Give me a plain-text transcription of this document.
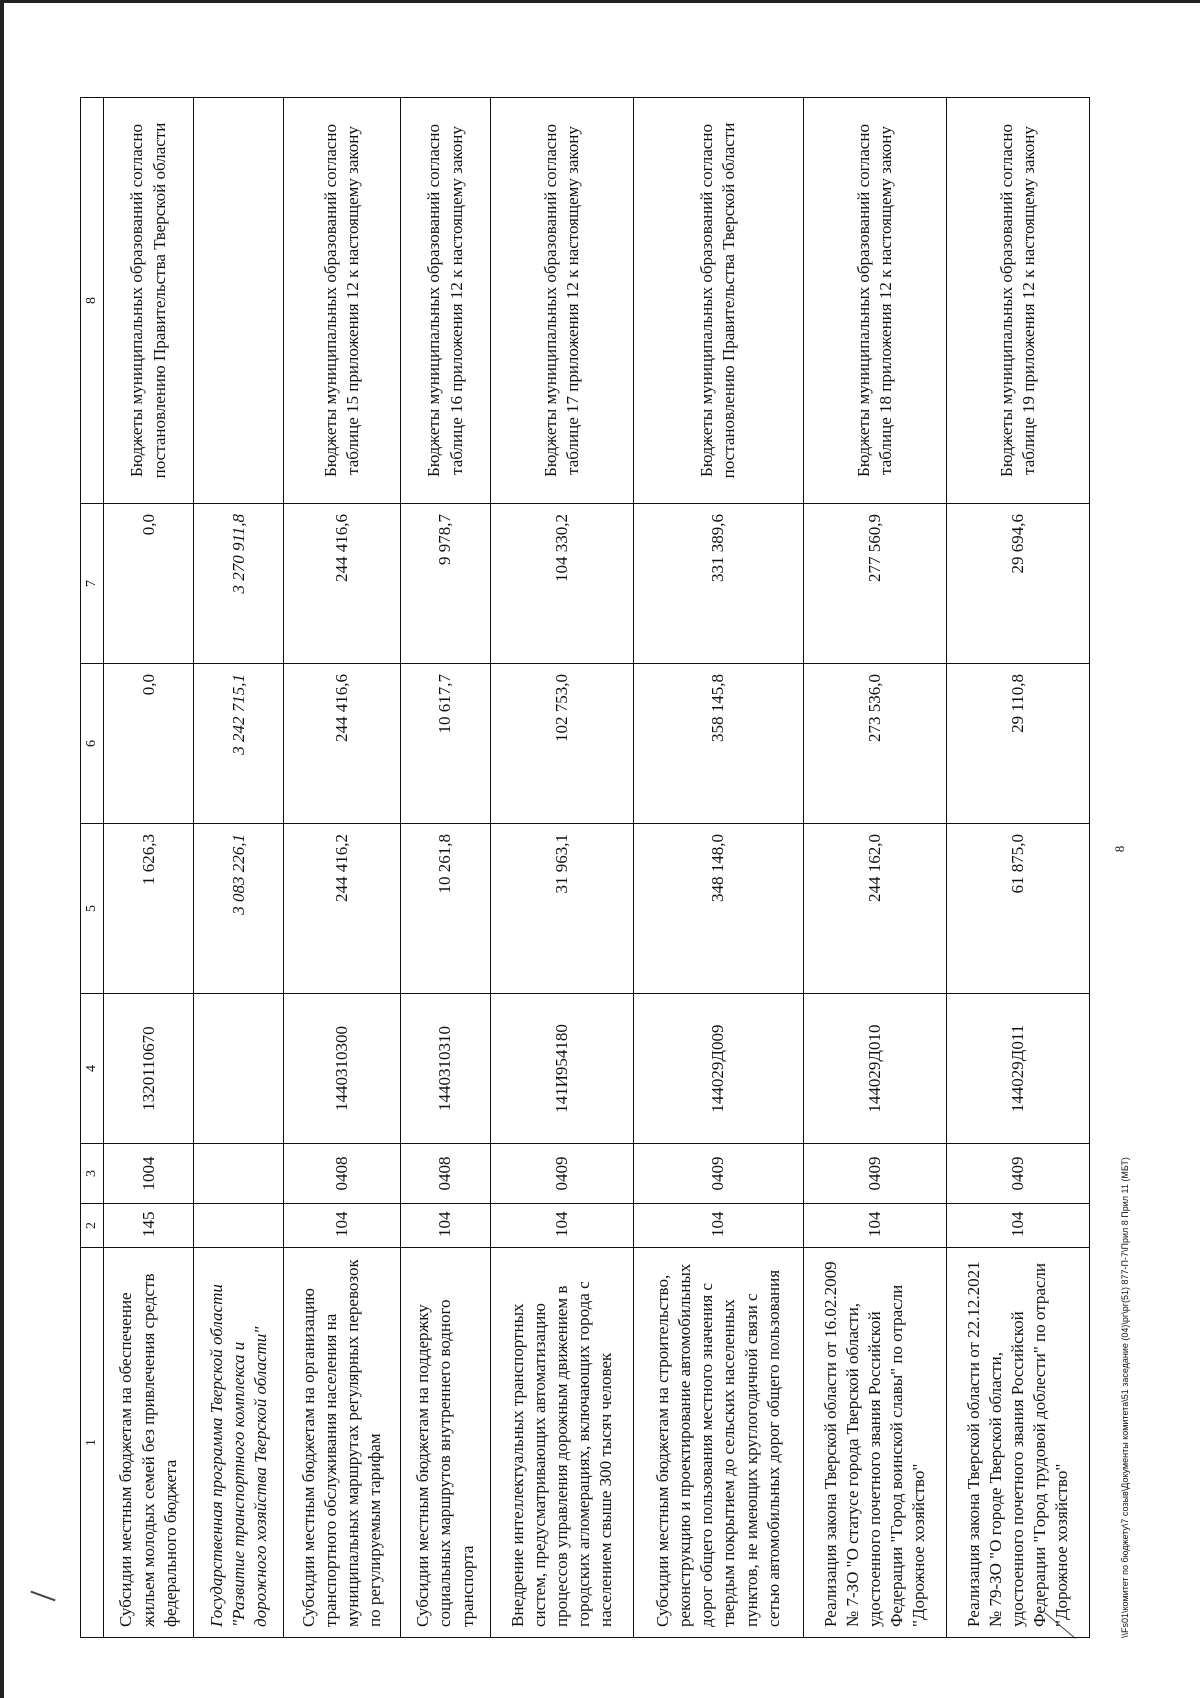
8
1	2	3	4	5	6	7	8
Субсидии местным бюджетам на обеспечение жильем молодых семей без привлечения средств федерального бюджета	145	1004	1320110670	1 626,3	0,0	0,0	Бюджеты муниципальных образований согласно постановлению Правительства Тверской области
Государственная программа Тверской области "Развитие транспортного комплекса и дорожного хозяйства Тверской области"				3 083 226,1	3 242 715,1	3 270 911,8	
Субсидии местным бюджетам на организацию транспортного обслуживания населения на муниципальных маршрутах регулярных перевозок по регулируемым тарифам	104	0408	1440310300	244 416,2	244 416,6	244 416,6	Бюджеты муниципальных образований согласно таблице 15 приложения 12 к настоящему закону
Субсидии местным бюджетам на поддержку социальных маршрутов внутреннего водного транспорта	104	0408	1440310310	10 261,8	10 617,7	9 978,7	Бюджеты муниципальных образований согласно таблице 16 приложения 12 к настоящему закону
Внедрение интеллектуальных транспортных систем, предусматривающих автоматизацию процессов управления дорожным движением в городских агломерациях, включающих города с населением свыше 300 тысяч человек	104	0409	141И954180	31 963,1	102 753,0	104 330,2	Бюджеты муниципальных образований согласно таблице 17 приложения 12 к настоящему закону
Субсидии местным бюджетам на строительство, реконструкцию и проектирование автомобильных дорог общего пользования местного значения с твердым покрытием до сельских населенных пунктов, не имеющих круглогодичной связи с сетью автомобильных дорог общего пользования	104	0409	144029Д009	348 148,0	358 145,8	331 389,6	Бюджеты муниципальных образований согласно постановлению Правительства Тверской области
Реализация закона Тверской области от 16.02.2009 № 7-ЗО "О статусе города Тверской области, удостоенного почетного звания Российской Федерации "Город воинской славы" по отрасли "Дорожное хозяйство"	104	0409	144029Д010	244 162,0	273 536,0	277 560,9	Бюджеты муниципальных образований согласно таблице 18 приложения 12 к настоящему закону
Реализация закона Тверской области от 22.12.2021 № 79-ЗО "О городе Тверской области, удостоенного почетного звания Российской Федерации "Город трудовой доблести" по отрасли "Дорожное хозяйство"	104	0409	144029Д011	61 875,0	29 110,8	29 694,6	Бюджеты муниципальных образований согласно таблице 19 приложения 12 к настоящему закону
\\Fs01\комитет по бюджету\7 созыв\Документы комитета\51 заседание (04)\рг\рг(51) 877-П-7\Прил 8 Прил 11 (МБТ)
